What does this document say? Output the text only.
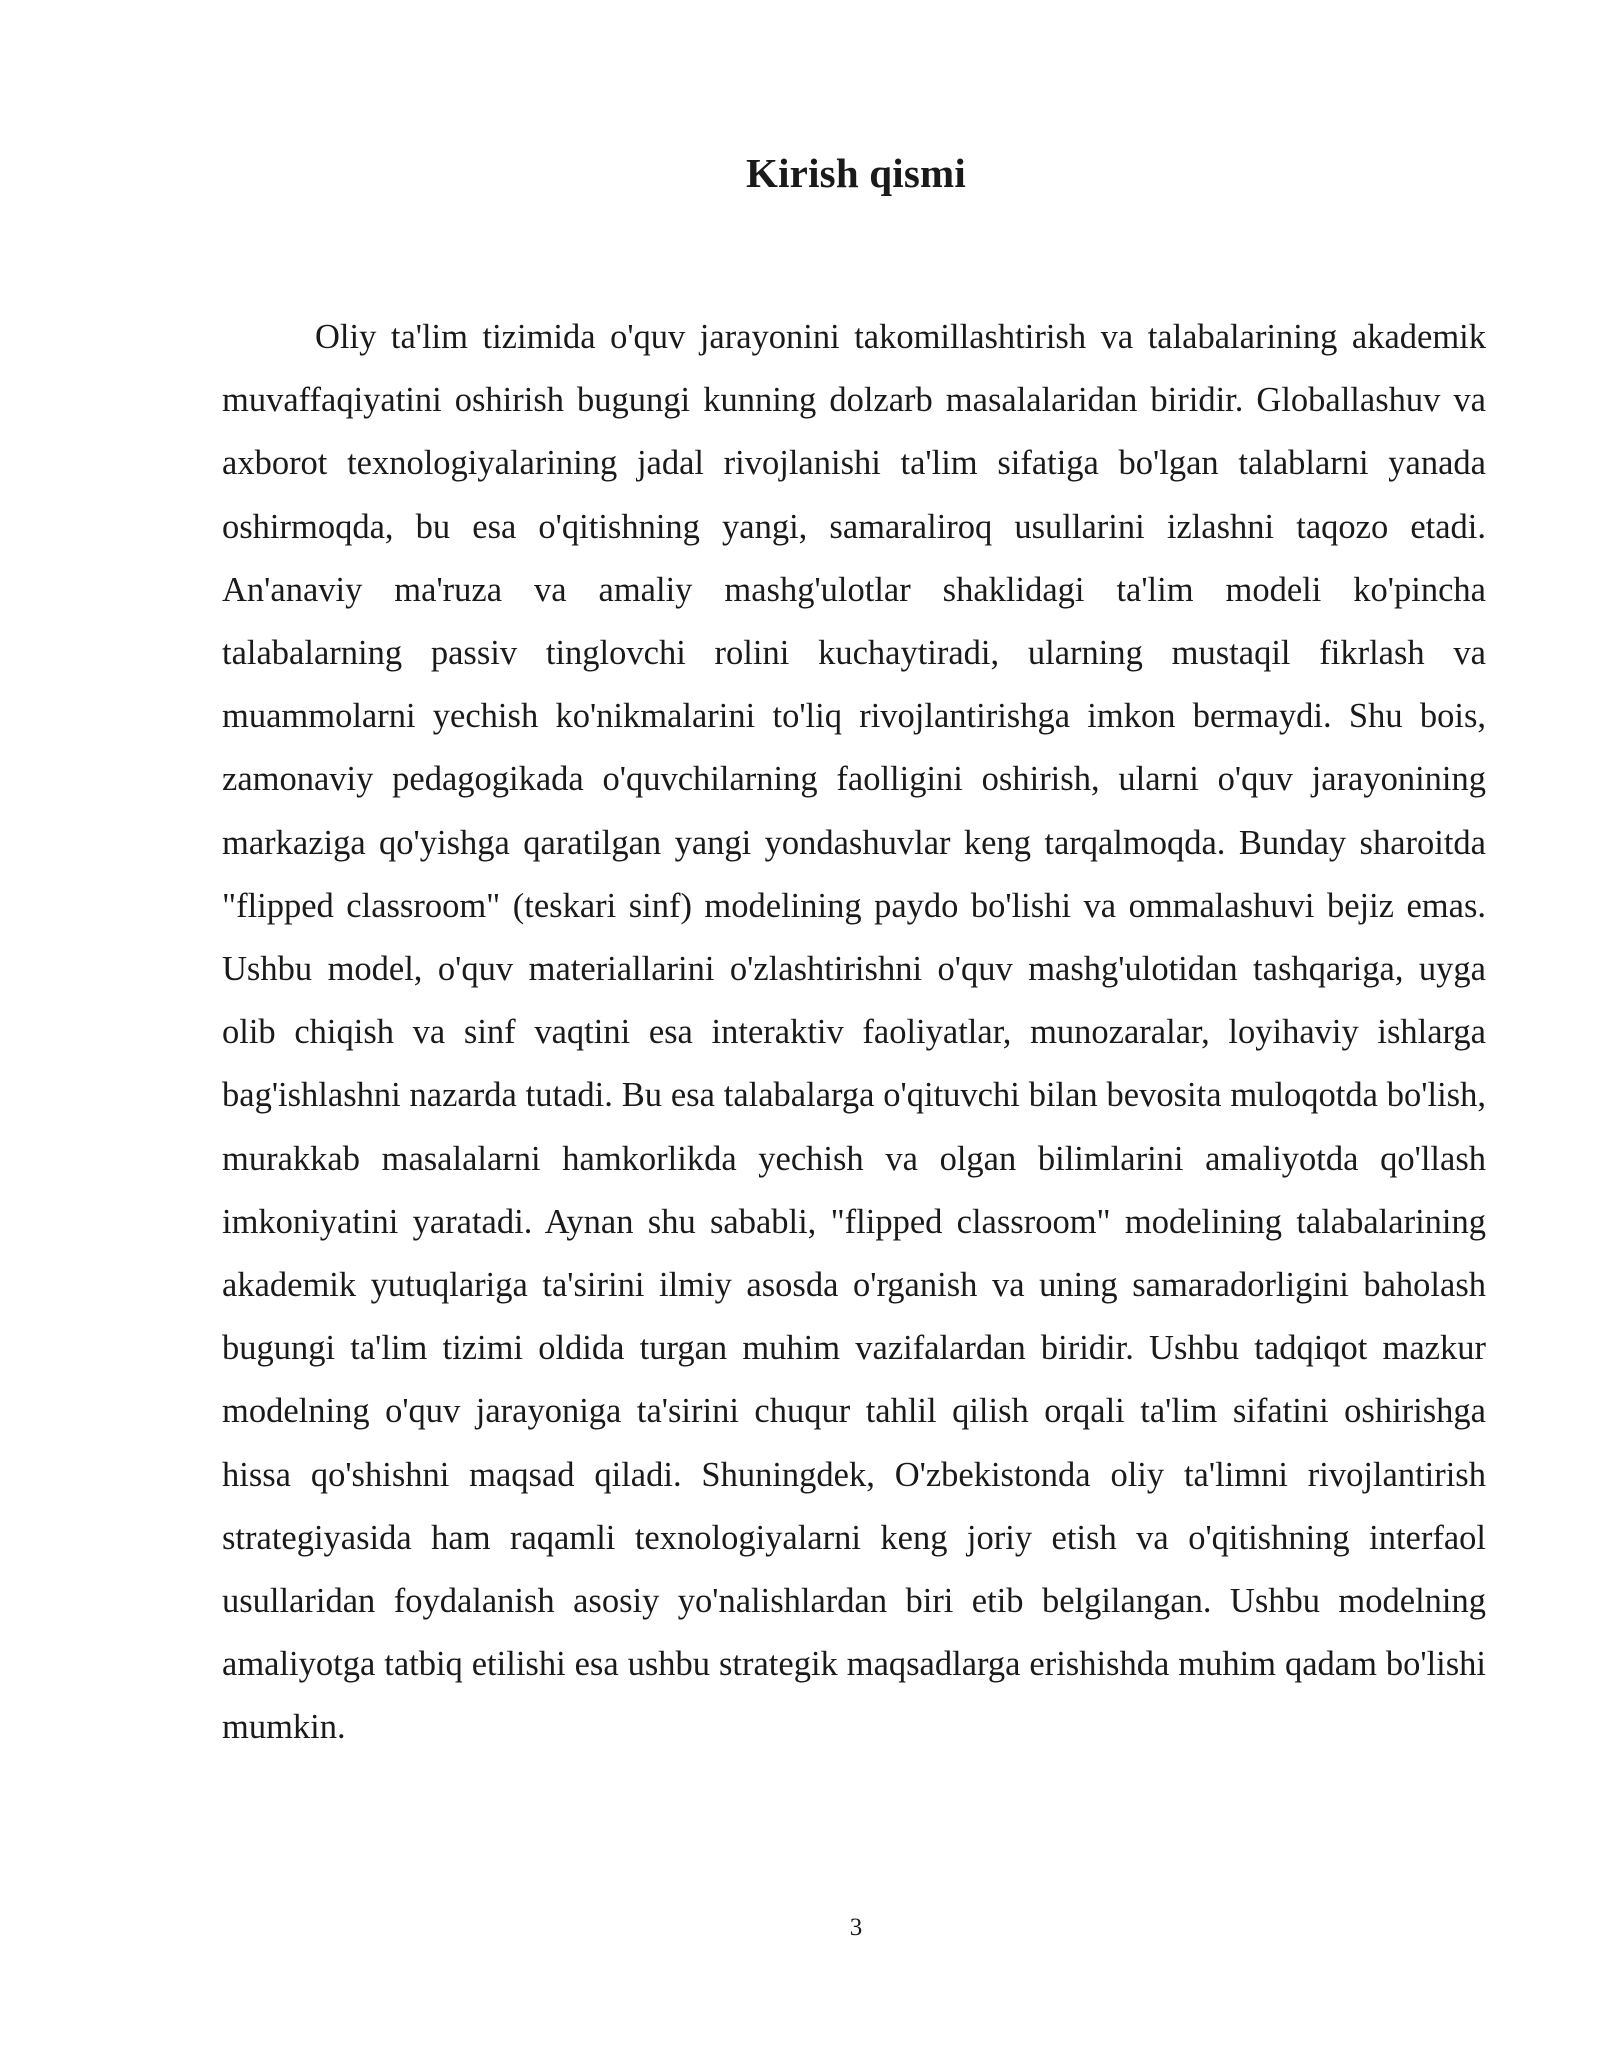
Kirish qismi

Oliy ta'lim tizimida o'quv jarayonini takomillashtirish va talabalarining akademik muvaffaqiyatini oshirish bugungi kunning dolzarb masalalaridan biridir. Globallashuv va axborot texnologiyalarining jadal rivojlanishi ta'lim sifatiga bo'lgan talablarni yanada oshirmoqda, bu esa o'qitishning yangi, samaraliroq usullarini izlashni taqozo etadi. An'anaviy ma'ruza va amaliy mashg'ulotlar shaklidagi ta'lim modeli ko'pincha talabalarning passiv tinglovchi rolini kuchaytiradi, ularning mustaqil fikrlash va muammolarni yechish ko'nikmalarini to'liq rivojlantirishga imkon bermaydi. Shu bois, zamonaviy pedagogikada o'quvchilarning faolligini oshirish, ularni o'quv jarayonining markaziga qo'yishga qaratilgan yangi yondashuvlar keng tarqalmoqda. Bunday sharoitda "flipped classroom" (teskari sinf) modelining paydo bo'lishi va ommalashuvi bejiz emas. Ushbu model, o'quv materiallarini o'zlashtirishni o'quv mashg'ulotidan tashqariga, uyga olib chiqish va sinf vaqtini esa interaktiv faoliyatlar, munozaralar, loyihaviy ishlarga bag'ishlashni nazarda tutadi. Bu esa talabalarga o'qituvchi bilan bevosita muloqotda bo'lish, murakkab masalalarni hamkorlikda yechish va olgan bilimlarini amaliyotda qo'llash imkoniyatini yaratadi. Aynan shu sababli, "flipped classroom" modelining talabalarining akademik yutuqlariga ta'sirini ilmiy asosda o'rganish va uning samaradorligini baholash bugungi ta'lim tizimi oldida turgan muhim vazifalardan biridir. Ushbu tadqiqot mazkur modelning o'quv jarayoniga ta'sirini chuqur tahlil qilish orqali ta'lim sifatini oshirishga hissa qo'shishni maqsad qiladi. Shuningdek, O'zbekistonda oliy ta'limni rivojlantirish strategiyasida ham raqamli texnologiyalarni keng joriy etish va o'qitishning interfaol usullaridan foydalanish asosiy yo'nalishlardan biri etib belgilangan. Ushbu modelning amaliyotga tatbiq etilishi esa ushbu strategik maqsadlarga erishishda muhim qadam bo'lishi mumkin.

3
